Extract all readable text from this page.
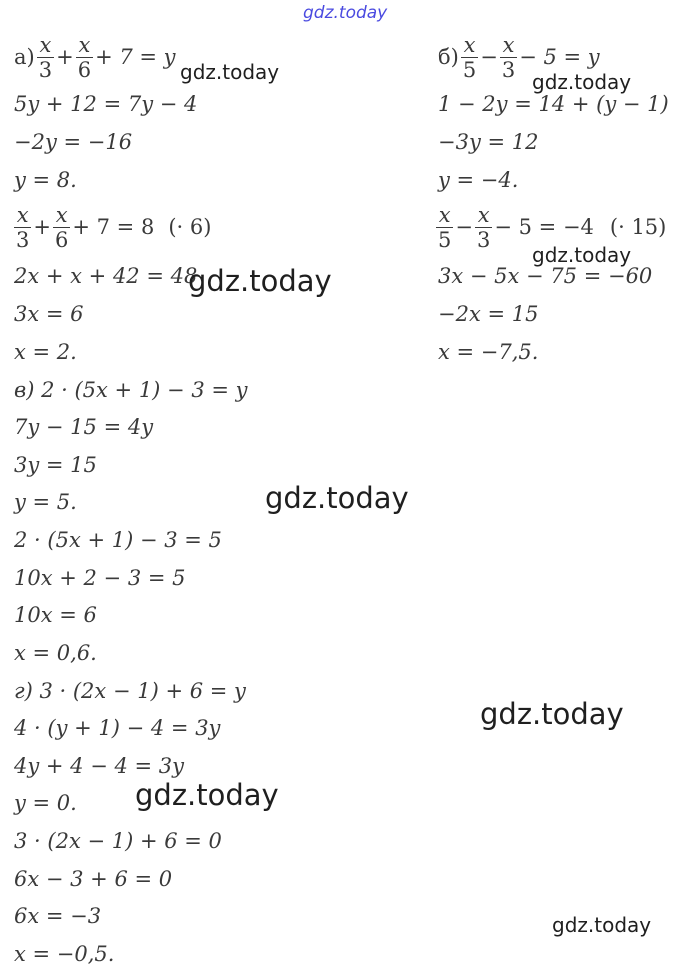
gdz.today
$а) \frac{x}{3} + \frac{x}{6} + 7 = y$
5y + 12 = 7y − 4
−2y = −16
y = 8.
$\frac{x}{3} + \frac{x}{6} + 7 = 8$ (· 6)
2x + x + 42 = 48
3x = 6
x = 2.
$б) \frac{x}{5} - \frac{x}{3} - 5 = y$
1 − 2y = 14 + (y − 1)
−3y = 12
y = −4.
$\frac{x}{5} - \frac{x}{3} - 5 = -4$ (· 15)
3x − 5x − 75 = −60
−2x = 15
x = −7,5.
в) 2 · (5x + 1) − 3 = y
7y − 15 = 4y
3y = 15
y = 5.
2 · (5x + 1) − 3 = 5
10x + 2 − 3 = 5
10x = 6
x = 0,6.
г) 3 · (2x − 1) + 6 = y
4 · (y + 1) − 4 = 3y
4y + 4 − 4 = 3y
y = 0.
3 · (2x − 1) + 6 = 0
6x − 3 + 6 = 0
6x = −3
x = −0,5.
gdz.today	gdz.today
gdz.today
gdz.today
gdz.today
gdz.today
gdz.today
gdz.today
